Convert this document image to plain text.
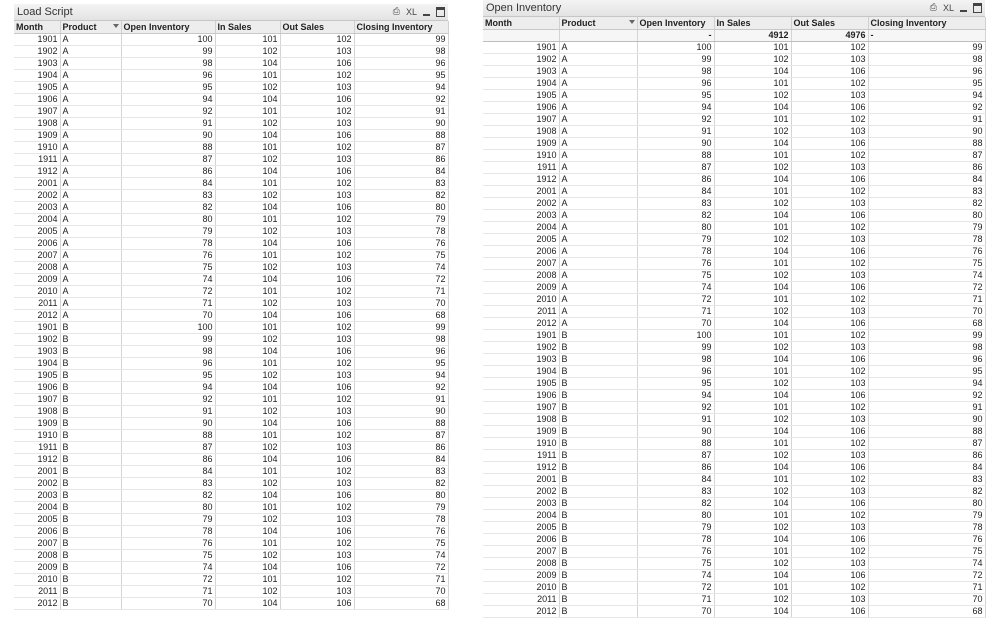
Load Script	⎙ XL
Month	Product	Open Inventory	In Sales	Out Sales	Closing Inventory
1901	A	100	101	102	99
1902	A	99	102	103	98
1903	A	98	104	106	96
1904	A	96	101	102	95
1905	A	95	102	103	94
1906	A	94	104	106	92
1907	A	92	101	102	91
1908	A	91	102	103	90
1909	A	90	104	106	88
1910	A	88	101	102	87
1911	A	87	102	103	86
1912	A	86	104	106	84
2001	A	84	101	102	83
2002	A	83	102	103	82
2003	A	82	104	106	80
2004	A	80	101	102	79
2005	A	79	102	103	78
2006	A	78	104	106	76
2007	A	76	101	102	75
2008	A	75	102	103	74
2009	A	74	104	106	72
2010	A	72	101	102	71
2011	A	71	102	103	70
2012	A	70	104	106	68
1901	B	100	101	102	99
1902	B	99	102	103	98
1903	B	98	104	106	96
1904	B	96	101	102	95
1905	B	95	102	103	94
1906	B	94	104	106	92
1907	B	92	101	102	91
1908	B	91	102	103	90
1909	B	90	104	106	88
1910	B	88	101	102	87
1911	B	87	102	103	86
1912	B	86	104	106	84
2001	B	84	101	102	83
2002	B	83	102	103	82
2003	B	82	104	106	80
2004	B	80	101	102	79
2005	B	79	102	103	78
2006	B	78	104	106	76
2007	B	76	101	102	75
2008	B	75	102	103	74
2009	B	74	104	106	72
2010	B	72	101	102	71
2011	B	71	102	103	70
2012	B	70	104	106	68
Open Inventory	⎙ XL
Month	Product	Open Inventory	In Sales	Out Sales	Closing Inventory
		-	4912	4976	-
1901	A	100	101	102	99
1902	A	99	102	103	98
1903	A	98	104	106	96
1904	A	96	101	102	95
1905	A	95	102	103	94
1906	A	94	104	106	92
1907	A	92	101	102	91
1908	A	91	102	103	90
1909	A	90	104	106	88
1910	A	88	101	102	87
1911	A	87	102	103	86
1912	A	86	104	106	84
2001	A	84	101	102	83
2002	A	83	102	103	82
2003	A	82	104	106	80
2004	A	80	101	102	79
2005	A	79	102	103	78
2006	A	78	104	106	76
2007	A	76	101	102	75
2008	A	75	102	103	74
2009	A	74	104	106	72
2010	A	72	101	102	71
2011	A	71	102	103	70
2012	A	70	104	106	68
1901	B	100	101	102	99
1902	B	99	102	103	98
1903	B	98	104	106	96
1904	B	96	101	102	95
1905	B	95	102	103	94
1906	B	94	104	106	92
1907	B	92	101	102	91
1908	B	91	102	103	90
1909	B	90	104	106	88
1910	B	88	101	102	87
1911	B	87	102	103	86
1912	B	86	104	106	84
2001	B	84	101	102	83
2002	B	83	102	103	82
2003	B	82	104	106	80
2004	B	80	101	102	79
2005	B	79	102	103	78
2006	B	78	104	106	76
2007	B	76	101	102	75
2008	B	75	102	103	74
2009	B	74	104	106	72
2010	B	72	101	102	71
2011	B	71	102	103	70
2012	B	70	104	106	68
